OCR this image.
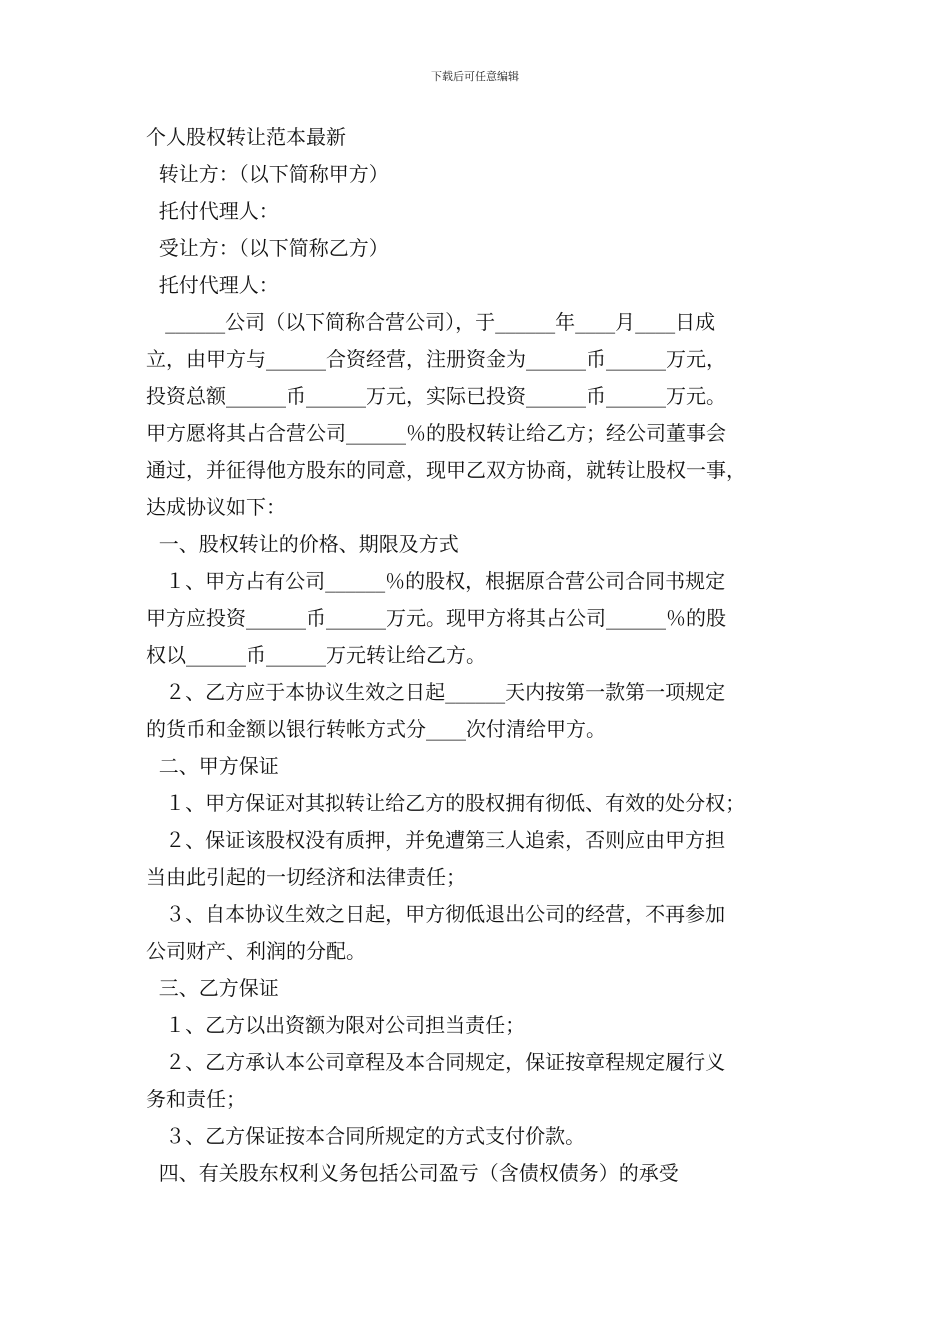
下载后可任意编辑
个人股权转让范本最新
转让方：（以下简称甲方）
托付代理人：
受让方：（以下简称乙方）
托付代理人：
______公司（以下简称合营公司），于______年____月____日成
立，由甲方与______合资经营，注册资金为______币______万元，
投资总额______币______万元，实际已投资______币______万元。
甲方愿将其占合营公司______％的股权转让给乙方；经公司董事会
通过，并征得他方股东的同意，现甲乙双方协商，就转让股权一事，
达成协议如下：
一、股权转让的价格、期限及方式
１、甲方占有公司______％的股权，根据原合营公司合同书规定
甲方应投资______币______万元。现甲方将其占公司______％的股
权以______币______万元转让给乙方。
２、乙方应于本协议生效之日起______天内按第一款第一项规定
的货币和金额以银行转帐方式分____次付清给甲方。
二、甲方保证
１、甲方保证对其拟转让给乙方的股权拥有彻低、有效的处分权；
２、保证该股权没有质押，并免遭第三人追索，否则应由甲方担
当由此引起的一切经济和法律责任；
３、自本协议生效之日起，甲方彻低退出公司的经营，不再参加
公司财产、利润的分配。
三、乙方保证
１、乙方以出资额为限对公司担当责任；
２、乙方承认本公司章程及本合同规定，保证按章程规定履行义
务和责任；
３、乙方保证按本合同所规定的方式支付价款。
四、有关股东权利义务包括公司盈亏（含债权债务）的承受
